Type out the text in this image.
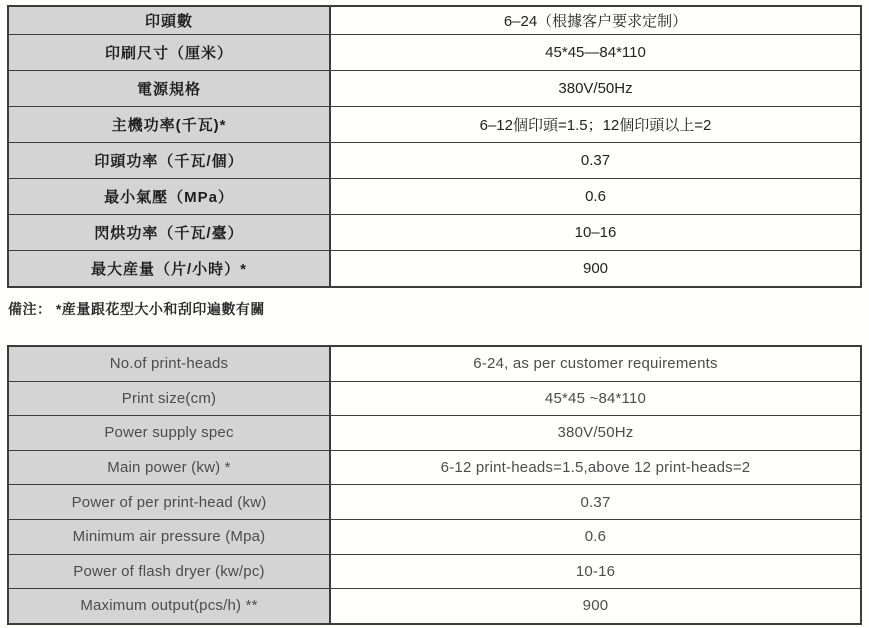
印頭數	6–24（根據客户要求定制）
印刷尺寸（厘米）	45*45—84*110
電源規格	380V/50Hz
主機功率(千瓦)*	6–12個印頭=1.5；12個印頭以上=2
印頭功率（千瓦/個）	0.37
最小氣壓（MPa）	0.6
閃烘功率（千瓦/臺）	10–16
最大産量（片/小時）*	900
備注： *産量跟花型大小和刮印遍數有關
No.of print-heads	6-24, as per customer requirements
Print size(cm)	45*45 ~84*110
Power supply spec	380V/50Hz
Main power (kw) *	6-12 print-heads=1.5,above 12 print-heads=2
Power of per print-head (kw)	0.37
Minimum air pressure (Mpa)	0.6
Power of flash dryer (kw/pc)	10-16
Maximum output(pcs/h) **	900
